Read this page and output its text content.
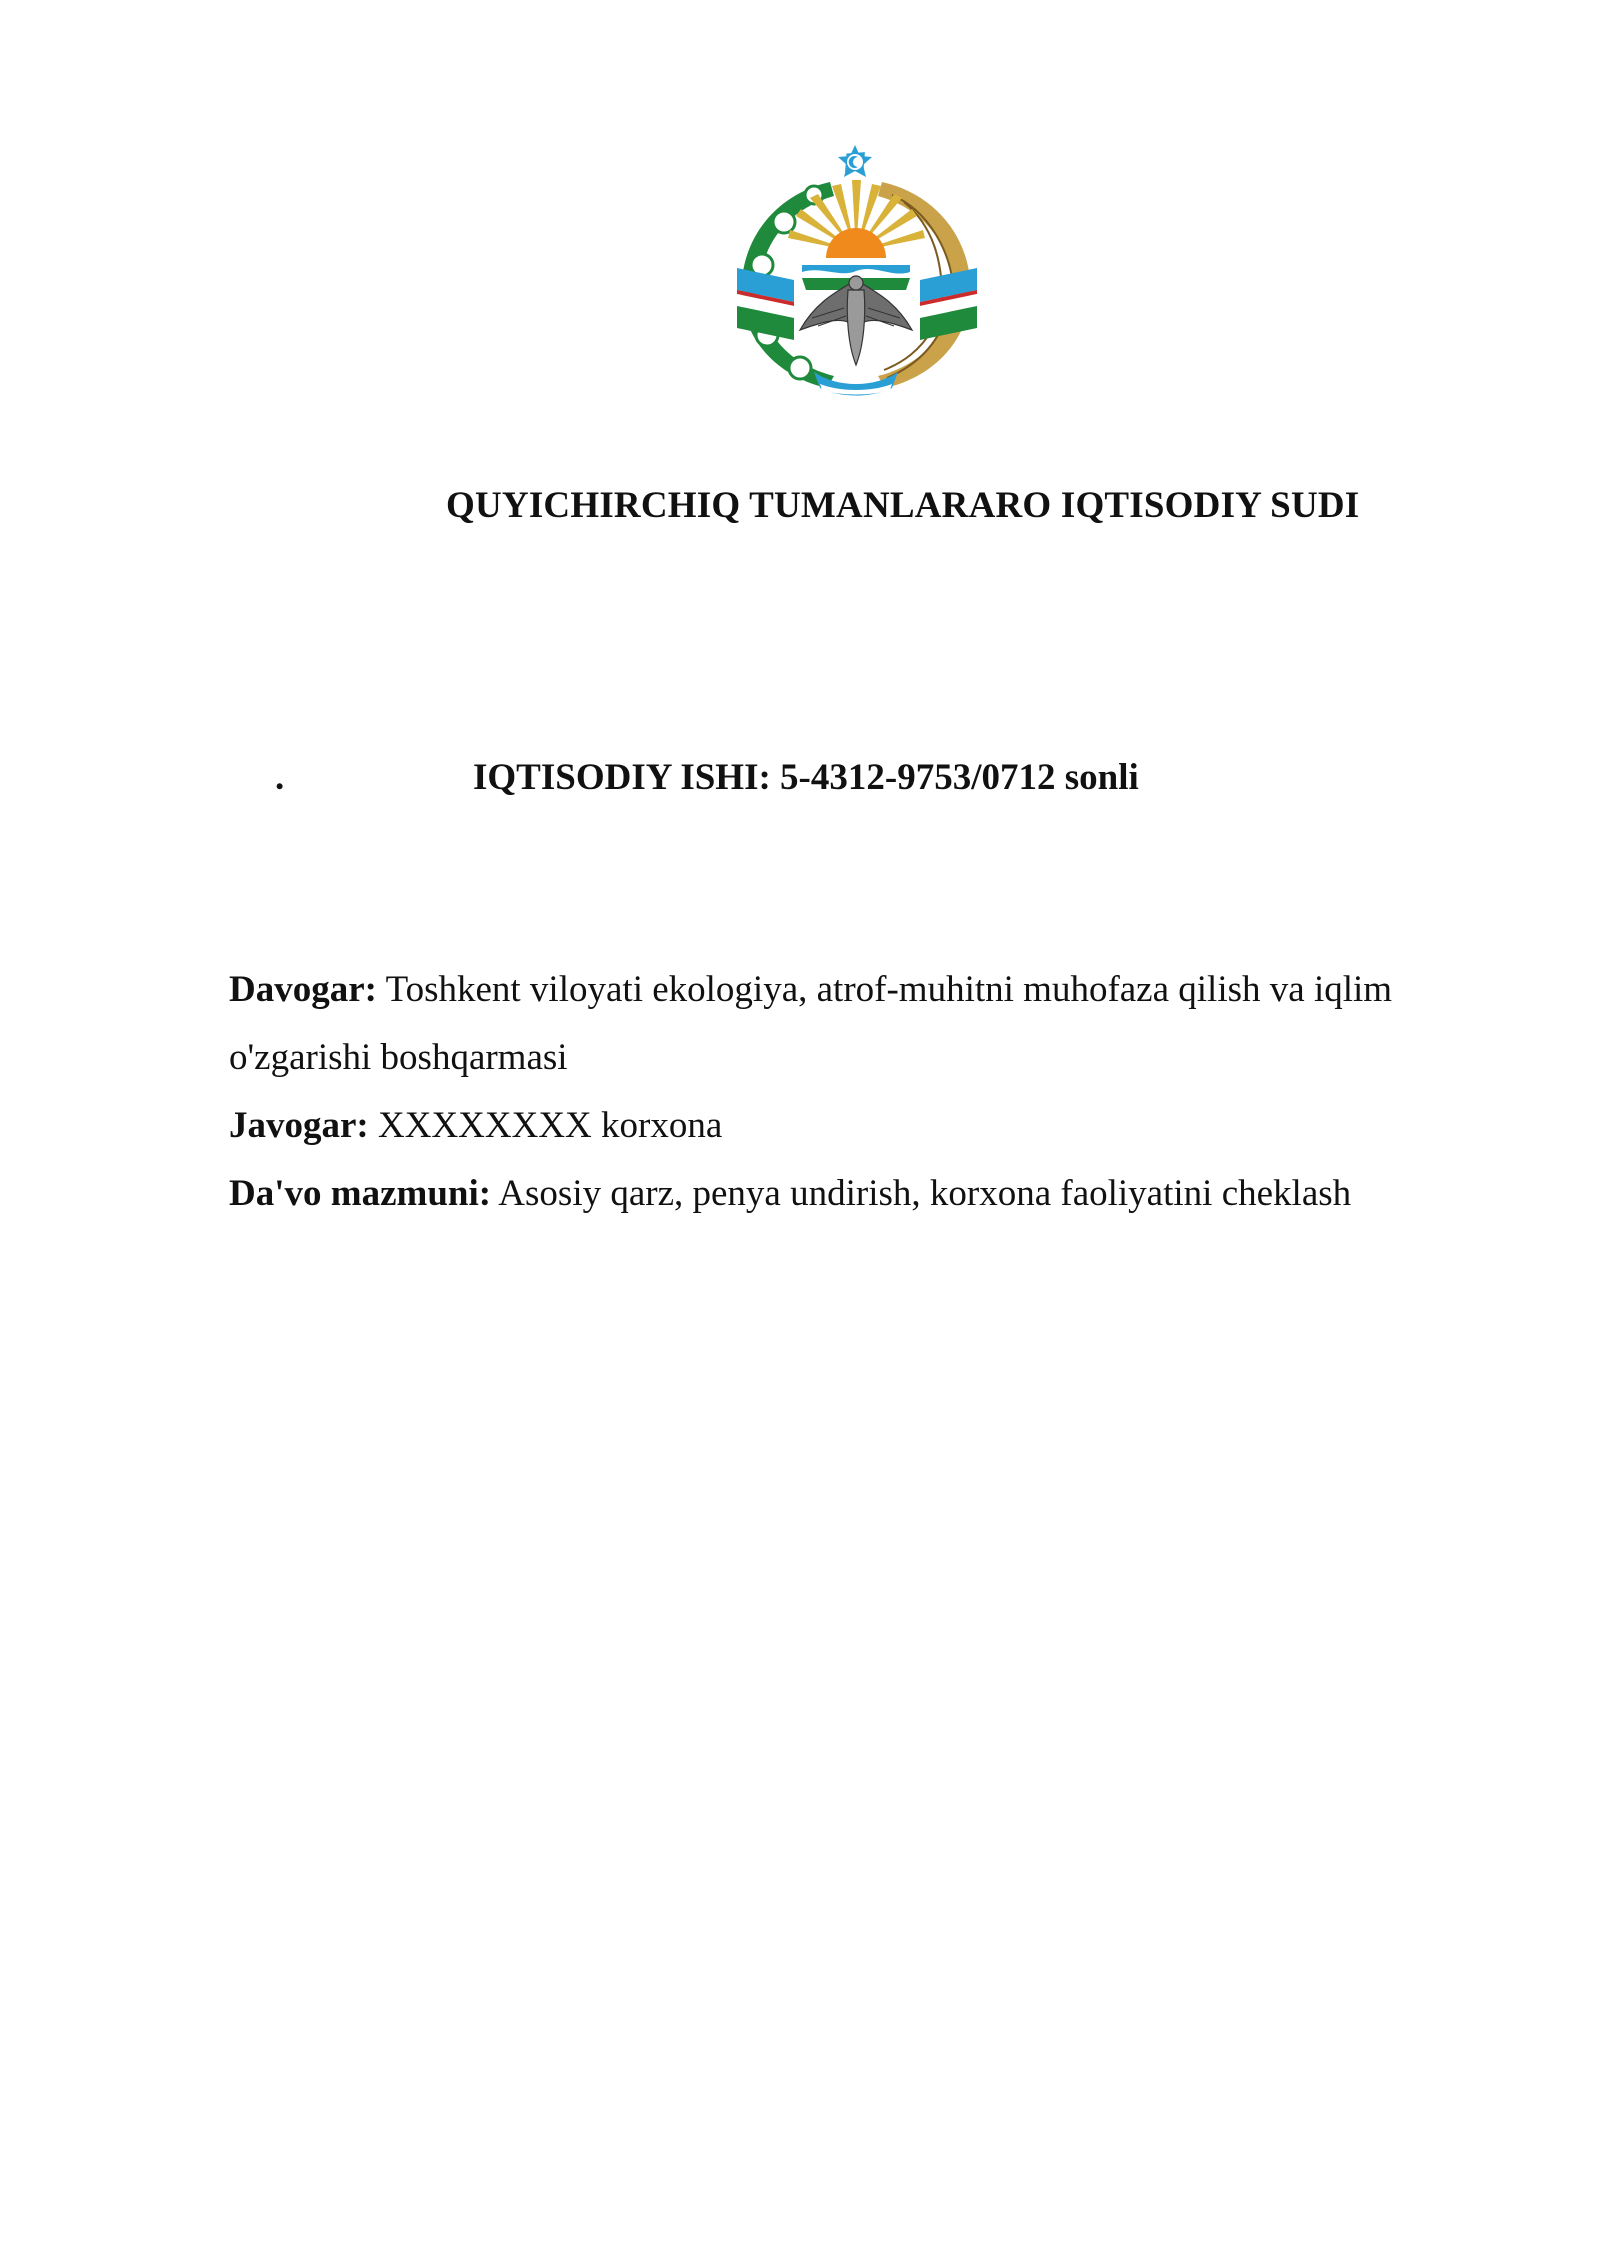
QUYICHIRCHIQ TUMANLARARO IQTISODIY SUDI
.	IQTISODIY ISHI: 5-4312-9753/0712 sonli

Davogar: Toshkent viloyati ekologiya, atrof-muhitni muhofaza qilish va iqlim o'zgarishi boshqarmasi

Javogar: XXXXXXXX korxona

Da'vo mazmuni: Asosiy qarz, penya undirish, korxona faoliyatini cheklash
